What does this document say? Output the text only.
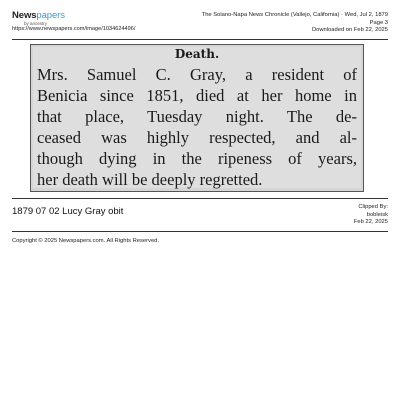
Newspapers
by ancestry
https://www.newspapers.com/image/1034624496/
The Solano-Napa News Chronicle (Vallejo, California) · Wed, Jul 2, 1879
Page 3
Downloaded on Feb 22, 2025
Death.
Mrs. Samuel C. Gray, a resident of
Benicia since 1851, died at her home in
that place, Tuesday night. The de-
ceased was highly respected, and al-
though dying in the ripeness of years,
her death will be deeply regretted.
1879 07 02 Lucy Gray obit	Clipped By:
bobleisk
Feb 22, 2025
Copyright © 2025 Newspapers.com. All Rights Reserved.
